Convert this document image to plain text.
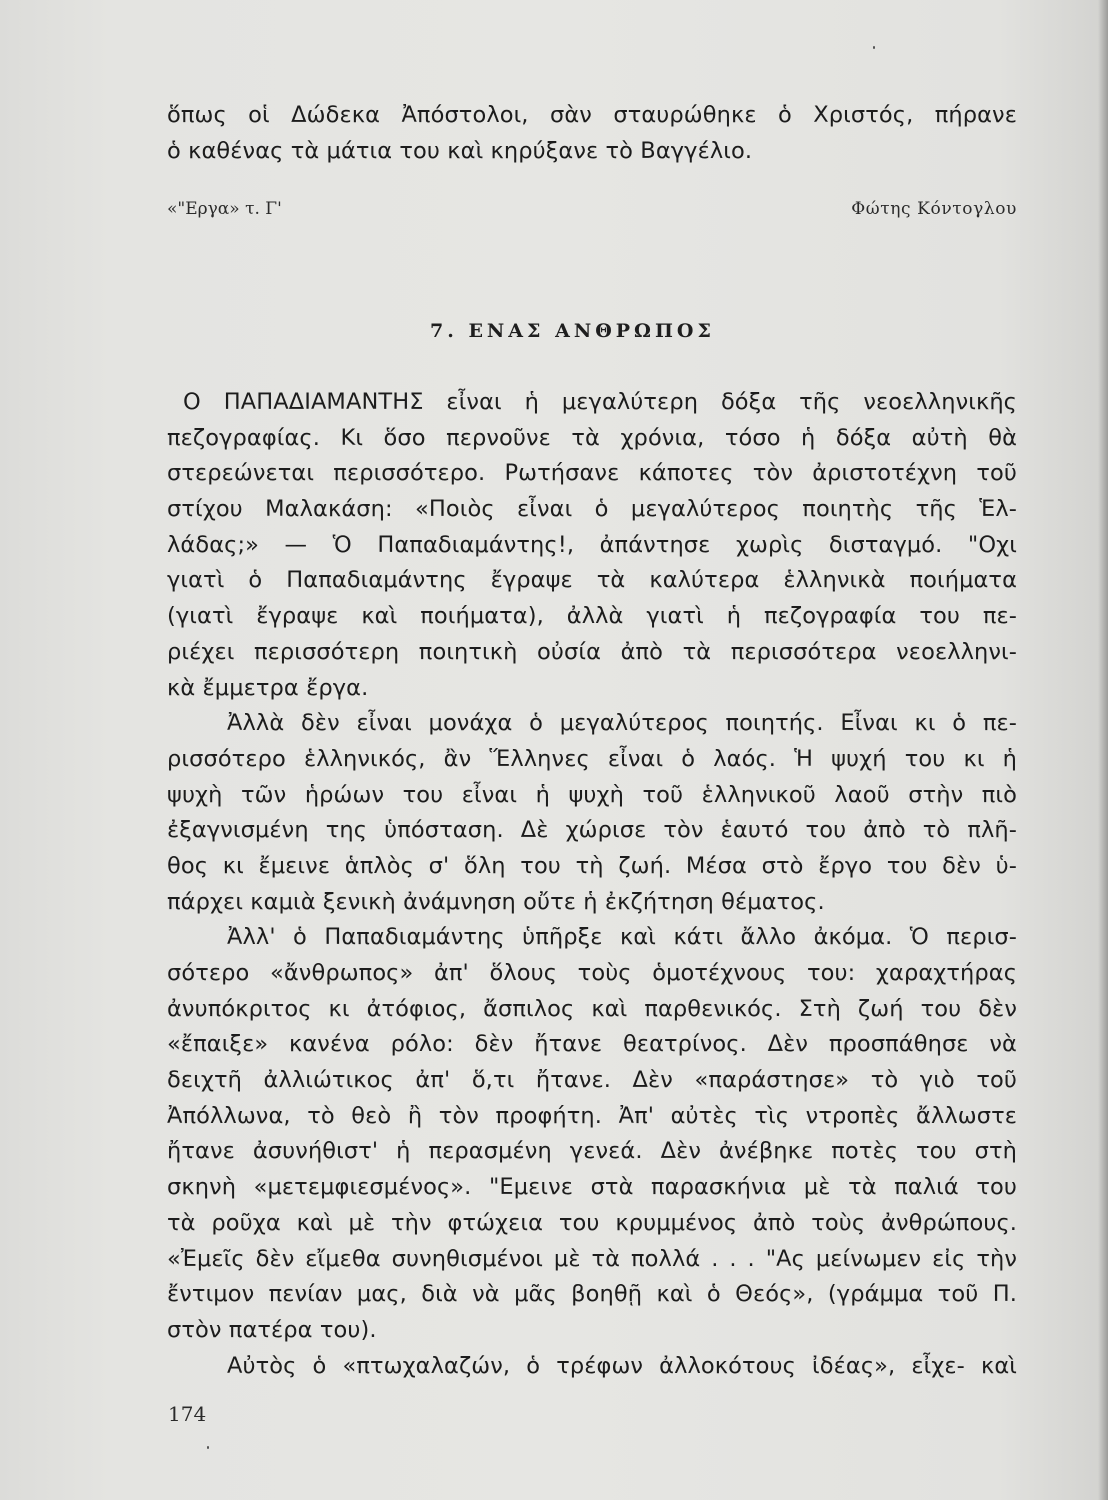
ὅπως οἱ Δώδεκα Ἀπόστολοι, σὰν σταυρώθηκε ὁ Χριστός, πήρανε
ὁ καθένας τὰ μάτια του καὶ κηρύξανε τὸ Βαγγέλιο.
«"Εργα» τ. Γ'	Φώτης Κόντογλου
7. ΕΝΑΣ ΑΝΘΡΩΠΟΣ
Ο ΠΑΠΑΔΙΑΜΑΝΤΗΣ εἶναι ἡ μεγαλύτερη δόξα τῆς νεοελληνικῆς
πεζογραφίας. Κι ὅσο περνοῦνε τὰ χρόνια, τόσο ἡ δόξα αὐτὴ θὰ
στερεώνεται περισσότερο. Ρωτήσανε κάποτες τὸν ἀριστοτέχνη τοῦ
στίχου Μαλακάση: «Ποιὸς εἶναι ὁ μεγαλύτερος ποιητὴς τῆς Ἑλ-
λάδας;» — Ὁ Παπαδιαμάντης!, ἀπάντησε χωρὶς δισταγμό. "Οχι
γιατὶ ὁ Παπαδιαμάντης ἔγραψε τὰ καλύτερα ἑλληνικὰ ποιήματα
(γιατὶ ἔγραψε καὶ ποιήματα), ἀλλὰ γιατὶ ἡ πεζογραφία του πε-
ριέχει περισσότερη ποιητικὴ οὐσία ἀπὸ τὰ περισσότερα νεοελληνι-
κὰ ἔμμετρα ἔργα.
Ἀλλὰ δὲν εἶναι μονάχα ὁ μεγαλύτερος ποιητής. Εἶναι κι ὁ πε-
ρισσότερο ἑλληνικός, ἂν Ἕλληνες εἶναι ὁ λαός. Ἡ ψυχή του κι ἡ
ψυχὴ τῶν ἡρώων του εἶναι ἡ ψυχὴ τοῦ ἑλληνικοῦ λαοῦ στὴν πιὸ
ἐξαγνισμένη της ὑπόσταση. Δὲ χώρισε τὸν ἑαυτό του ἀπὸ τὸ πλῆ-
θος κι ἔμεινε ἁπλὸς σ' ὅλη του τὴ ζωή. Μέσα στὸ ἔργο του δὲν ὑ-
πάρχει καμιὰ ξενικὴ ἀνάμνηση οὔτε ἡ ἐκζήτηση θέματος.
Ἀλλ' ὁ Παπαδιαμάντης ὑπῆρξε καὶ κάτι ἄλλο ἀκόμα. Ὁ περισ-
σότερο «ἄνθρωπος» ἀπ' ὅλους τοὺς ὁμοτέχνους του: χαραχτήρας
ἀνυπόκριτος κι ἀτόφιος, ἄσπιλος καὶ παρθενικός. Στὴ ζωή του δὲν
«ἔπαιξε» κανένα ρόλο: δὲν ἤτανε θεατρίνος. Δὲν προσπάθησε νὰ
δειχτῆ ἀλλιώτικος ἀπ' ὅ,τι ἤτανε. Δὲν «παράστησε» τὸ γιὸ τοῦ
Ἀπόλλωνα, τὸ θεὸ ἢ τὸν προφήτη. Ἀπ' αὐτὲς τὶς ντροπὲς ἄλλωστε
ἤτανε ἀσυνήθιστ' ἡ περασμένη γενεά. Δὲν ἀνέβηκε ποτὲς του στὴ
σκηνὴ «μετεμφιεσμένος». "Εμεινε στὰ παρασκήνια μὲ τὰ παλιά του
τὰ ροῦχα καὶ μὲ τὴν φτώχεια του κρυμμένος ἀπὸ τοὺς ἀνθρώπους.
«Ἐμεῖς δὲν εἴμεθα συνηθισμένοι μὲ τὰ πολλά . . . "Ας μείνωμεν εἰς τὴν
ἔντιμον πενίαν μας, διὰ νὰ μᾶς βοηθῇ καὶ ὁ Θεός», (γράμμα τοῦ Π.
στὸν πατέρα του).
Αὐτὸς ὁ «πτωχαλαζών, ὁ τρέφων ἀλλοκότους ἰδέας», εἶχε- καὶ
174
